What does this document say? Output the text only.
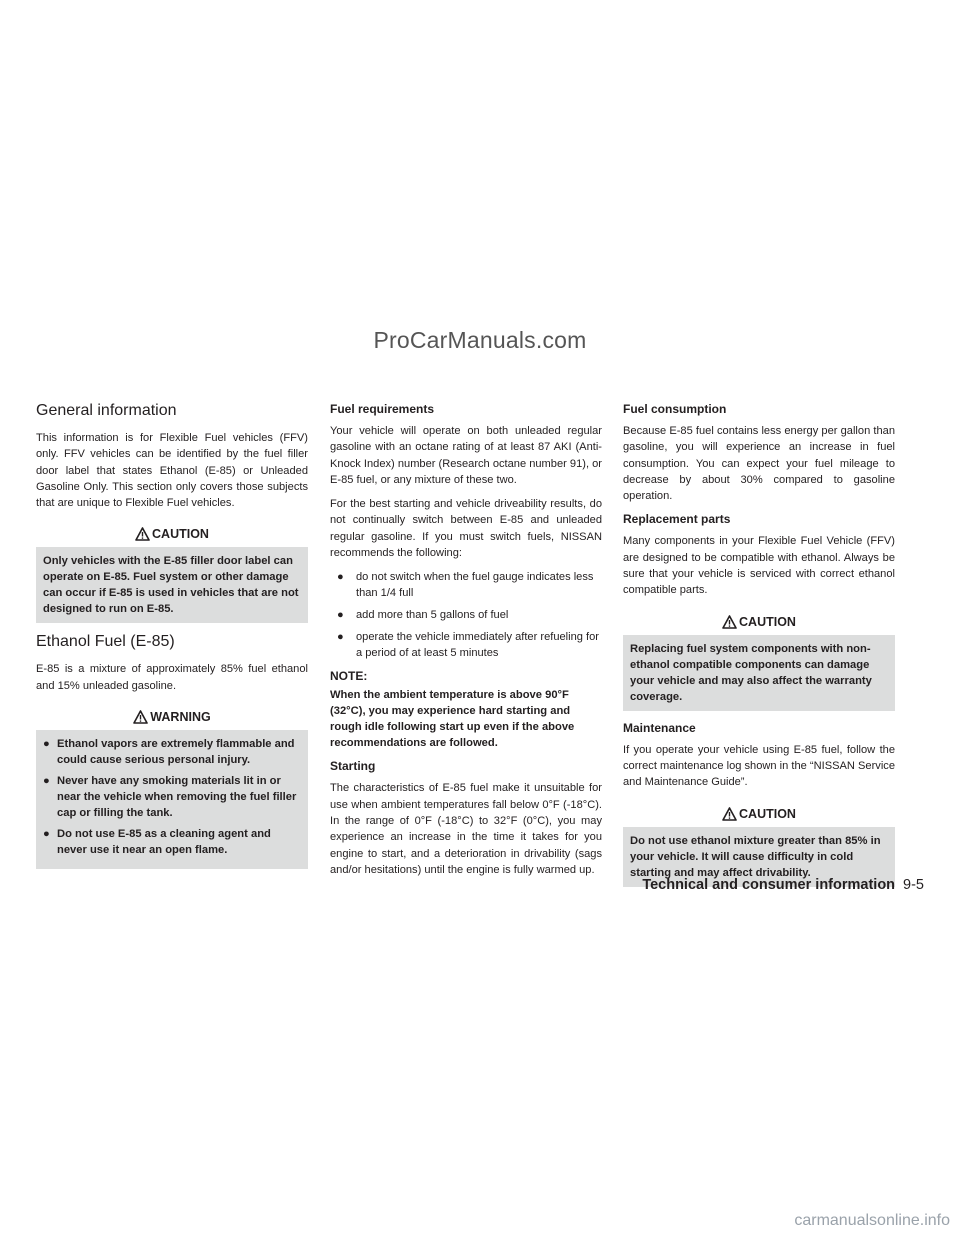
ProCarManuals.com
General information

This information is for Flexible Fuel vehicles (FFV) only. FFV vehicles can be identified by the fuel filler door label that states Ethanol (E-85) or Unleaded Gasoline Only. This section only covers those subjects that are unique to Flexible Fuel vehicles.

CAUTION
Only vehicles with the E-85 filler door label can operate on E-85. Fuel system or other damage can occur if E-85 is used in vehicles that are not designed to run on E-85.
Ethanol Fuel (E-85)

E-85 is a mixture of approximately 85% fuel ethanol and 15% unleaded gasoline.

WARNING
● Ethanol vapors are extremely flammable and could cause serious personal injury.
● Never have any smoking materials lit in or near the vehicle when removing the fuel filler cap or filling the tank.
● Do not use E-85 as a cleaning agent and never use it near an open flame.
Fuel requirements

Your vehicle will operate on both unleaded regular gasoline with an octane rating of at least 87 AKI (Anti-Knock Index) number (Research octane number 91), or E-85 fuel, or any mixture of these two.

For the best starting and vehicle driveability results, do not continually switch between E-85 and unleaded regular gasoline. If you must switch fuels, NISSAN recommends the following:

● do not switch when the fuel gauge indicates less than 1/4 full
● add more than 5 gallons of fuel
● operate the vehicle immediately after refueling for a period of at least 5 minutes
NOTE:
When the ambient temperature is above 90°F (32°C), you may experience hard starting and rough idle following start up even if the above recommendations are followed.
Starting

The characteristics of E-85 fuel make it unsuitable for use when ambient temperatures fall below 0°F (-18°C). In the range of 0°F (-18°C) to 32°F (0°C), you may experience an increase in the time it takes for you engine to start, and a deterioration in drivability (sags and/or hesitations) until the engine is fully warmed up.

Fuel consumption

Because E-85 fuel contains less energy per gallon than gasoline, you will experience an increase in fuel consumption. You can expect your fuel mileage to decrease by about 30% compared to gasoline operation.

Replacement parts

Many components in your Flexible Fuel Vehicle (FFV) are designed to be compatible with ethanol. Always be sure that your vehicle is serviced with correct ethanol compatible parts.

CAUTION
Replacing fuel system components with non-ethanol compatible components can damage your vehicle and may also affect the warranty coverage.
Maintenance

If you operate your vehicle using E-85 fuel, follow the correct maintenance log shown in the “NISSAN Service and Maintenance Guide”.

CAUTION
Do not use ethanol mixture greater than 85% in your vehicle. It will cause difficulty in cold starting and may affect drivability.
Technical and consumer information 9-5
carmanualsonline.info
